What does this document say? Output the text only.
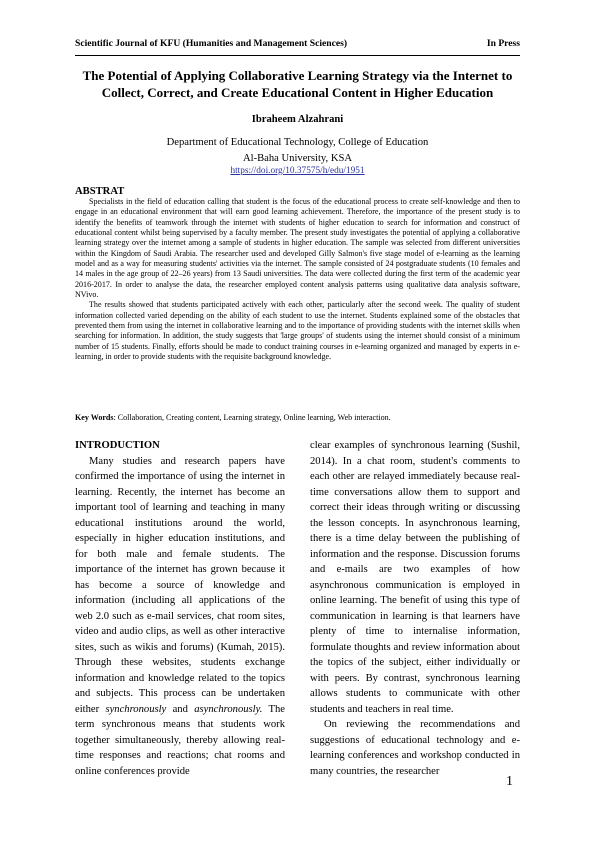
Scientific Journal of KFU (Humanities and Management Sciences)	In Press
The Potential of Applying Collaborative Learning Strategy via the Internet to Collect, Correct, and Create Educational Content in Higher Education
Ibraheem Alzahrani
Department of Educational Technology, College of Education
Al-Baha University, KSA
https://doi.org/10.37575/h/edu/1951
ABSTRAT

Specialists in the field of education calling that student is the focus of the educational process to create self-knowledge and then to engage in an educational environment that will earn good learning achievement. Therefore, the importance of the present study is to identify the benefits of teamwork through the internet with students of higher education to search for information and construct of educational content whilst being supervised by a faculty member. The present study investigates the potential of applying a collaborative learning strategy over the internet among a sample of students in higher education. The sample was selected from different universities within the Kingdom of Saudi Arabia. The researcher used and developed Gilly Salmon's five stage model of e-learning as the learning model and as a way for measuring students' activities via the internet. The sample consisted of 24 postgraduate students (10 females and 14 males in the age group of 22–26 years) from 13 Saudi universities. The data were collected during the first term of the academic year 2016-2017. In order to analyse the data, the researcher employed content analysis patterns using qualitative data analysis software, NVivo.

The results showed that students participated actively with each other, particularly after the second week. The quality of student information collected varied depending on the ability of each student to use the internet. Students explained some of the obstacles that prevented them from using the internet in collaborative learning and to the importance of providing students with the internet skills when searching for information. In addition, the study suggests that 'large groups' of students using the internet should consist of a minimum number of 15 students. Finally, efforts should be made to conduct training courses in e-learning organized and managed by experts in e-learning, in order to provide students with the requisite background knowledge.

Key Words: Collaboration, Creating content, Learning strategy, Online learning, Web interaction.
INTRODUCTION

Many studies and research papers have confirmed the importance of using the internet in learning. Recently, the internet has become an important tool of learning and teaching in many educational institutions around the world, especially in higher education institutions, and for both male and female students. The importance of the internet has grown because it has become a source of knowledge and information (including all applications of the web 2.0 such as e-mail services, chat room sites, video and audio clips, as well as other interactive sites, such as wikis and forums) (Kumah, 2015). Through these websites, students exchange information and knowledge related to the topics and subjects. This process can be undertaken either synchronously and asynchronously. The term synchronous means that students work together simultaneously, thereby allowing real-time responses and reactions; chat rooms and online conferences provide

clear examples of synchronous learning (Sushil, 2014). In a chat room, student's comments to each other are relayed immediately because real-time conversations allow them to support and correct their ideas through writing or discussing the lesson concepts. In asynchronous learning, there is a time delay between the publishing of information and the response. Discussion forums and e-mails are two examples of how asynchronous communication is employed in online learning. The benefit of using this type of communication in learning is that learners have plenty of time to internalise information, formulate thoughts and review information about the topics of the subject, either individually or with peers. By contrast, synchronous learning allows students to communicate with other students and teachers in real time.

On reviewing the recommendations and suggestions of educational technology and e-learning conferences and workshop conducted in many countries, the researcher

1
